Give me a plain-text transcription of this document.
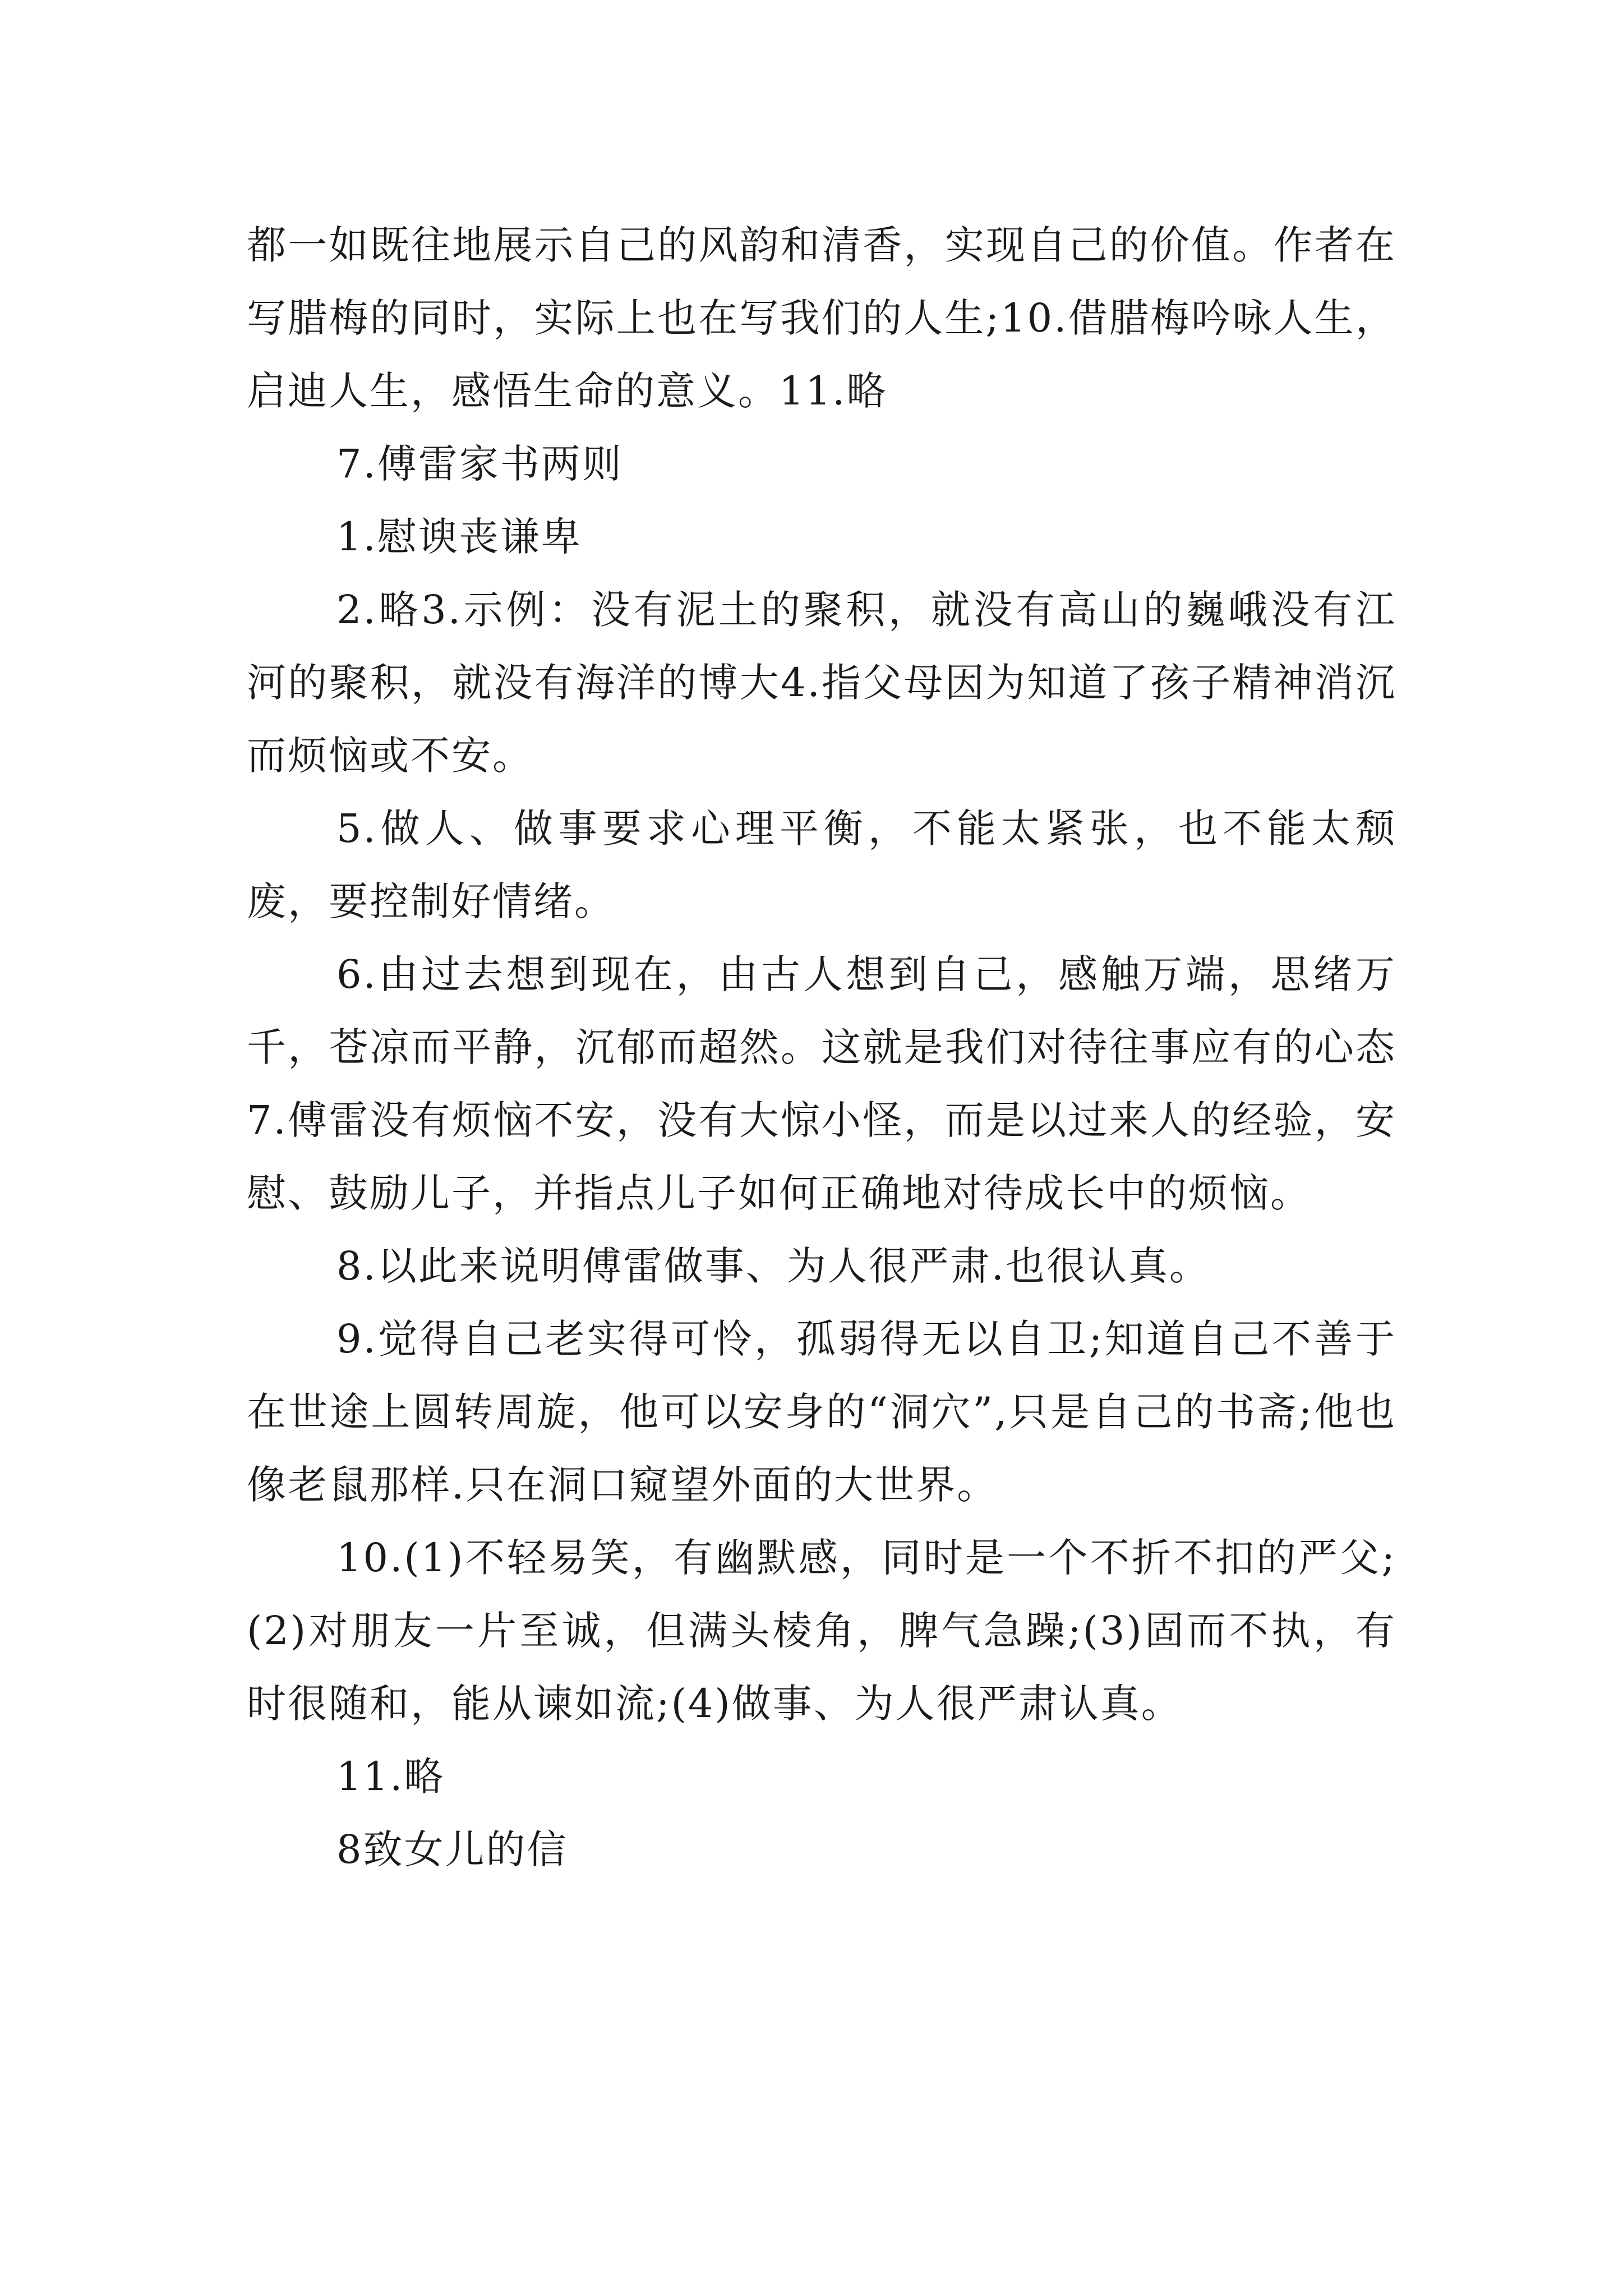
都一如既往地展示自己的风韵和清香，实现自己的价值。作者在写腊梅的同时，实际上也在写我们的人生;10.借腊梅吟咏人生，启迪人生，感悟生命的意义。11.略

7.傅雷家书两则

1.慰谀丧谦卑

2.略3.示例：没有泥土的聚积，就没有高山的巍峨没有江河的聚积，就没有海洋的博大4.指父母因为知道了孩子精神消沉而烦恼或不安。

5.做人、做事要求心理平衡，不能太紧张，也不能太颓废，要控制好情绪。

6.由过去想到现在，由古人想到自己，感触万端，思绪万千，苍凉而平静，沉郁而超然。这就是我们对待往事应有的心态7.傅雷没有烦恼不安，没有大惊小怪，而是以过来人的经验，安慰、鼓励儿子，并指点儿子如何正确地对待成长中的烦恼。

8.以此来说明傅雷做事、为人很严肃.也很认真。

9.觉得自己老实得可怜，孤弱得无以自卫;知道自己不善于在世途上圆转周旋，他可以安身的“洞穴”,只是自己的书斋;他也像老鼠那样.只在洞口窥望外面的大世界。

10.(1)不轻易笑，有幽默感，同时是一个不折不扣的严父;(2)对朋友一片至诚，但满头棱角，脾气急躁;(3)固而不执，有时很随和，能从谏如流;(4)做事、为人很严肃认真。

11.略

8致女儿的信
